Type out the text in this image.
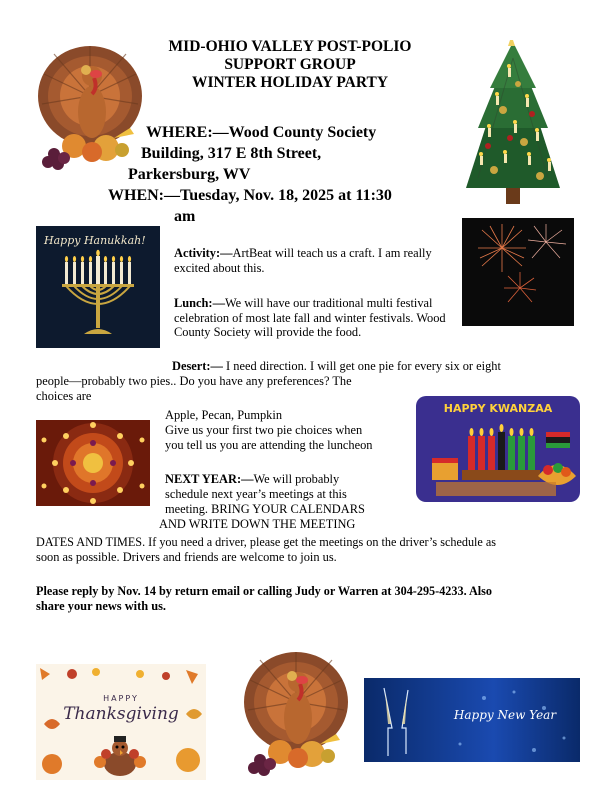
MID-OHIO VALLEY POST-POLIO
SUPPORT GROUP
WINTER HOLIDAY PARTY
WHERE:—Wood County Society
Building, 317 E 8th Street,
Parkersburg, WV
WHEN:—Tuesday, Nov. 18, 2025 at 11:30
am
Activity:—ArtBeat will teach us a craft. I am really excited about this.
Lunch:—We will have our traditional multi festival celebration of most late fall and winter festivals. Wood County Society will provide the food.
Desert:— I need direction. I will get one pie for every six or eight
people—probably two pies.. Do you have any preferences? The
choices are
Apple, Pecan, Pumpkin
Give us your first two pie choices when
you tell us you are attending the luncheon
NEXT YEAR:—We will probably
schedule next year’s meetings at this
meeting. BRING YOUR CALENDARS
AND WRITE DOWN THE MEETING
DATES AND TIMES. If you need a driver, please get the meetings on the driver’s schedule as
soon as possible. Drivers and friends are welcome to join us.
Please reply by Nov. 14 by return email or calling Judy or Warren at 304-295-4233. Also
share your news with us.
Happy Hanukkah!
HAPPY KWANZAA
HAPPY
Thanksgiving	Happy New Year
